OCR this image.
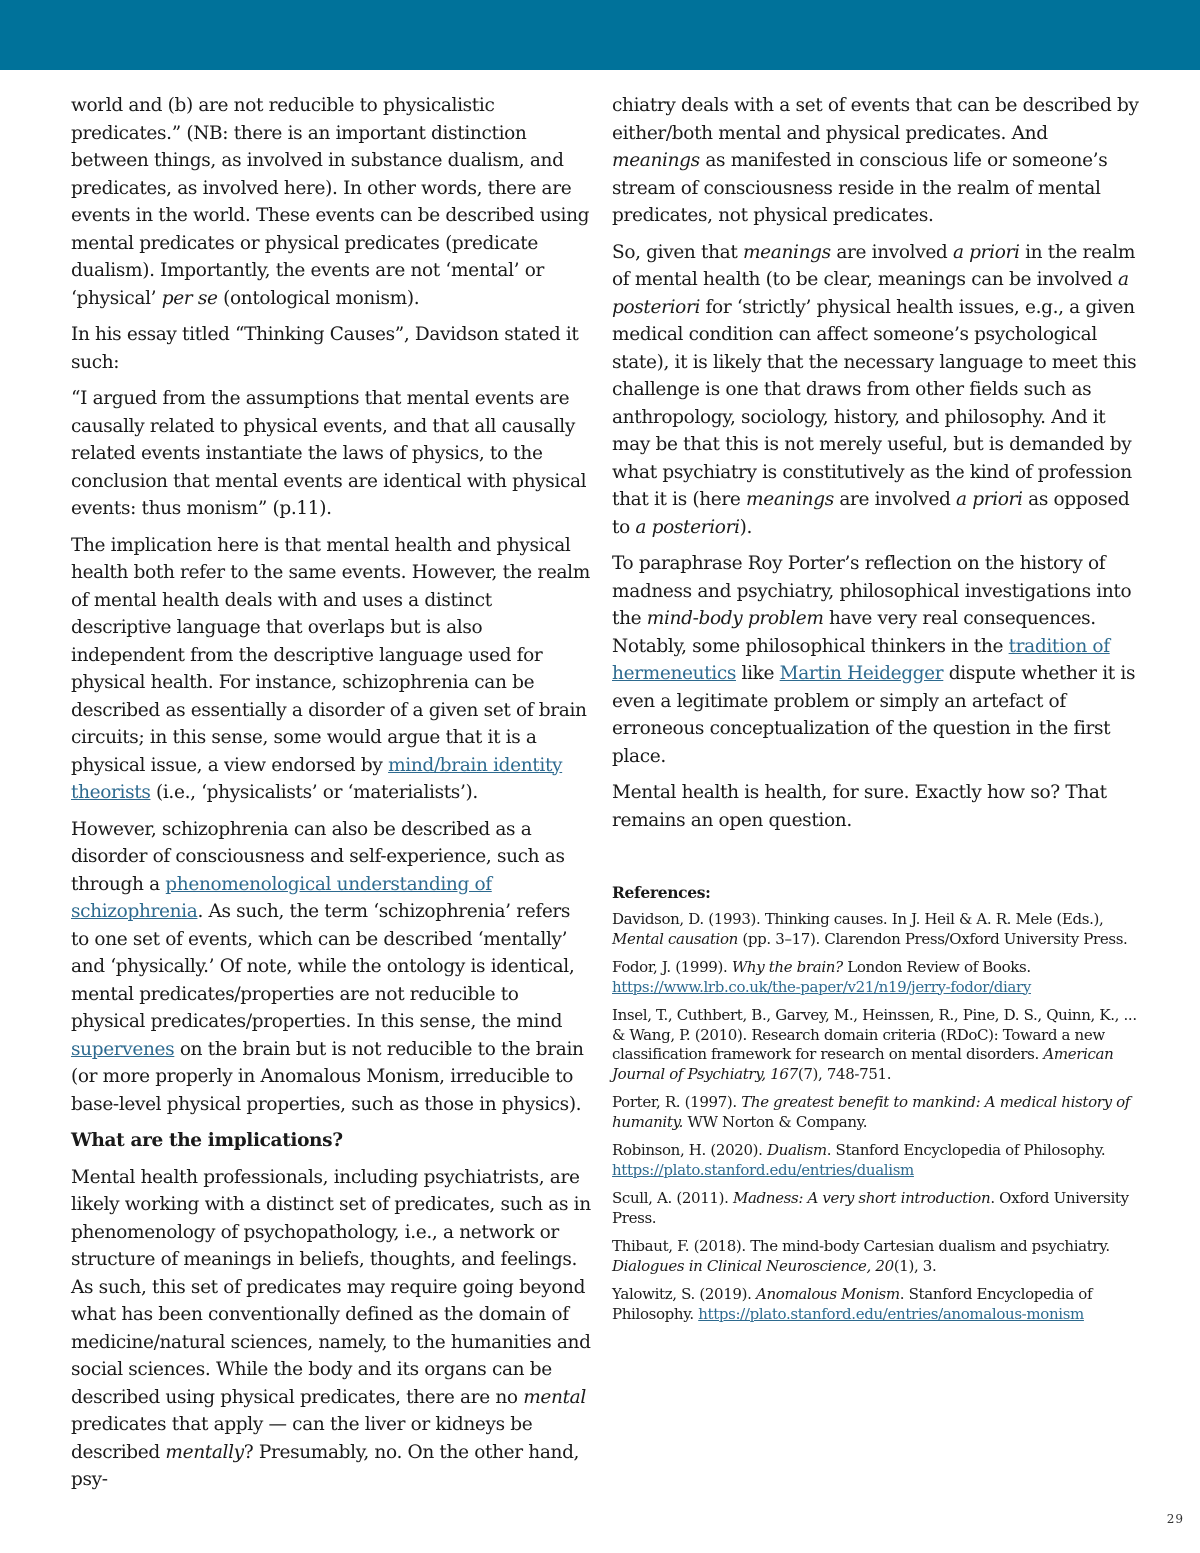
world and (b) are not reducible to physicalistic predicates.” (NB: there is an important distinction between things, as involved in substance dualism, and predicates, as involved here). In other words, there are events in the world. These events can be described using mental predicates or physical predicates (predicate dualism). Importantly, the events are not ‘mental’ or ‘physical’ per se (ontological monism).

In his essay titled “Thinking Causes”, Davidson stated it such:

“I argued from the assumptions that mental events are causally related to physical events, and that all causally related events instantiate the laws of physics, to the conclusion that mental events are identical with physical events: thus monism” (p.11).

The implication here is that mental health and physical health both refer to the same events. However, the realm of mental health deals with and uses a distinct descriptive language that overlaps but is also independent from the descriptive language used for physical health. For instance, schizophrenia can be described as essentially a disorder of a given set of brain circuits; in this sense, some would argue that it is a physical issue, a view endorsed by mind/brain identity theorists (i.e., ‘physicalists’ or ‘materialists’).

However, schizophrenia can also be described as a disorder of consciousness and self-experience, such as through a phenomenological understanding of schizophrenia. As such, the term ‘schizophrenia’ refers to one set of events, which can be described ‘mentally’ and ‘physically.’ Of note, while the ontology is identical, mental predicates/properties are not reducible to physical predicates/properties. In this sense, the mind supervenes on the brain but is not reducible to the brain (or more properly in Anomalous Monism, irreducible to base-level physical properties, such as those in physics).

What are the implications?

Mental health professionals, including psychiatrists, are likely working with a distinct set of predicates, such as in phenomenology of psychopathology, i.e., a network or structure of meanings in beliefs, thoughts, and feelings. As such, this set of predicates may require going beyond what has been conventionally defined as the domain of medicine/natural sciences, namely, to the humanities and social sciences. While the body and its organs can be described using physical predicates, there are no mental predicates that apply — can the liver or kidneys be described mentally? Presumably, no. On the other hand, psy-

chiatry deals with a set of events that can be described by either/both mental and physical predicates. And meanings as manifested in conscious life or someone’s stream of consciousness reside in the realm of mental predicates, not physical predicates.

So, given that meanings are involved a priori in the realm of mental health (to be clear, meanings can be involved a posteriori for ‘strictly’ physical health issues, e.g., a given medical condition can affect someone’s psychological state), it is likely that the necessary language to meet this challenge is one that draws from other fields such as anthropology, sociology, history, and philosophy. And it may be that this is not merely useful, but is demanded by what psychiatry is constitutively as the kind of profession that it is (here meanings are involved a priori as opposed to a posteriori).

To paraphrase Roy Porter’s reflection on the history of madness and psychiatry, philosophical investigations into the mind-body problem have very real consequences. Notably, some philosophical thinkers in the tradition of hermeneutics like Martin Heidegger dispute whether it is even a legitimate problem or simply an artefact of erroneous conceptualization of the question in the first place.

Mental health is health, for sure. Exactly how so? That remains an open question.

References:

Davidson, D. (1993). Thinking causes. In J. Heil & A. R. Mele (Eds.), Mental causation (pp. 3–17). Clarendon Press/Oxford University Press.

Fodor, J. (1999). Why the brain? London Review of Books. https://www.lrb.co.uk/the-paper/v21/n19/jerry-fodor/diary

Insel, T., Cuthbert, B., Garvey, M., Heinssen, R., Pine, D. S., Quinn, K., ... & Wang, P. (2010). Research domain criteria (RDoC): Toward a new classification framework for research on mental disorders. American Journal of Psychiatry, 167(7), 748-751.

Porter, R. (1997). The greatest benefit to mankind: A medical history of humanity. WW Norton & Company.

Robinson, H. (2020). Dualism. Stanford Encyclopedia of Philosophy. https://plato.stanford.edu/entries/dualism

Scull, A. (2011). Madness: A very short introduction. Oxford University Press.

Thibaut, F. (2018). The mind-body Cartesian dualism and psychiatry. Dialogues in Clinical Neuroscience, 20(1), 3.

Yalowitz, S. (2019). Anomalous Monism. Stanford Encyclopedia of Philosophy. https://plato.stanford.edu/entries/anomalous-monism

29
